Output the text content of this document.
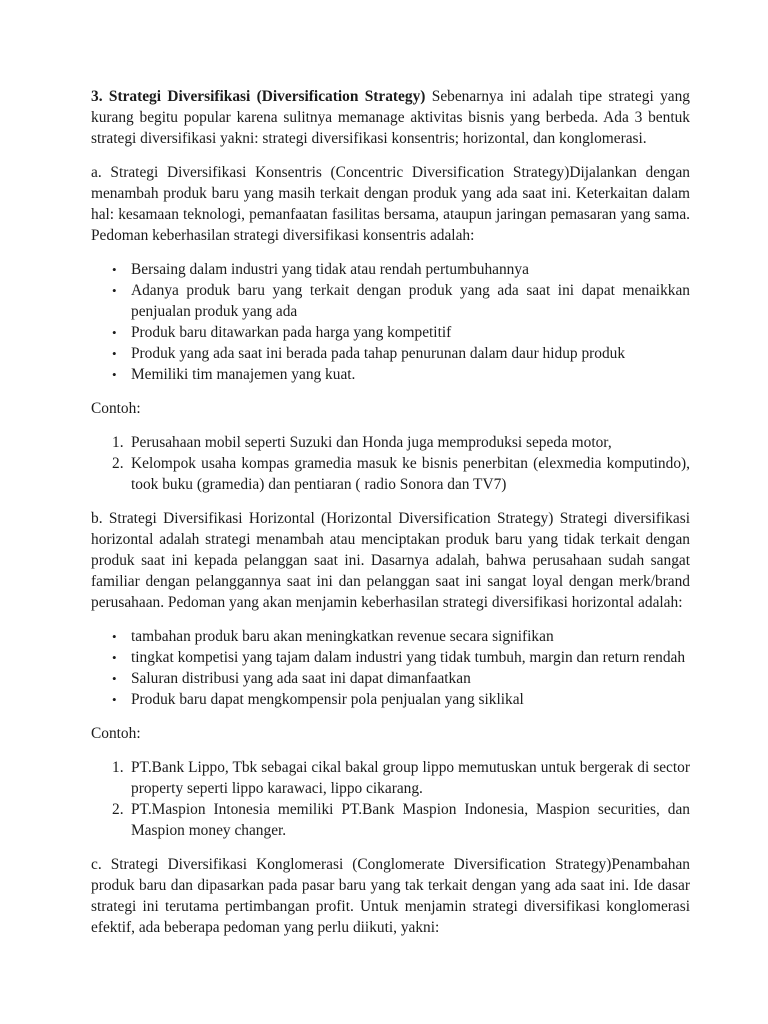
3. Strategi Diversifikasi (Diversification Strategy) Sebenarnya ini adalah tipe strategi yang kurang begitu popular karena sulitnya memanage aktivitas bisnis yang berbeda. Ada 3 bentuk strategi diversifikasi yakni: strategi diversifikasi konsentris; horizontal, dan konglomerasi.

a. Strategi Diversifikasi Konsentris (Concentric Diversification Strategy)Dijalankan dengan menambah produk baru yang masih terkait dengan produk yang ada saat ini. Keterkaitan dalam hal: kesamaan teknologi, pemanfaatan fasilitas bersama, ataupun jaringan pemasaran yang sama. Pedoman keberhasilan strategi diversifikasi konsentris adalah:

• Bersaing dalam industri yang tidak atau rendah pertumbuhannya
• Adanya produk baru yang terkait dengan produk yang ada saat ini dapat menaikkan penjualan produk yang ada
• Produk baru ditawarkan pada harga yang kompetitif
• Produk yang ada saat ini berada pada tahap penurunan dalam daur hidup produk
• Memiliki tim manajemen yang kuat.

Contoh:

1. Perusahaan mobil seperti Suzuki dan Honda juga memproduksi sepeda motor,
2. Kelompok usaha kompas gramedia masuk ke bisnis penerbitan (elexmedia komputindo), took buku (gramedia) dan pentiaran ( radio Sonora dan TV7)

b. Strategi Diversifikasi Horizontal (Horizontal Diversification Strategy) Strategi diversifikasi horizontal adalah strategi menambah atau menciptakan produk baru yang tidak terkait dengan produk saat ini kepada pelanggan saat ini. Dasarnya adalah, bahwa perusahaan sudah sangat familiar dengan pelanggannya saat ini dan pelanggan saat ini sangat loyal dengan merk/brand perusahaan. Pedoman yang akan menjamin keberhasilan strategi diversifikasi horizontal adalah:

• tambahan produk baru akan meningkatkan revenue secara signifikan
• tingkat kompetisi yang tajam dalam industri yang tidak tumbuh, margin dan return rendah
• Saluran distribusi yang ada saat ini dapat dimanfaatkan
• Produk baru dapat mengkompensir pola penjualan yang siklikal

Contoh:

1. PT.Bank Lippo, Tbk sebagai cikal bakal group lippo memutuskan untuk bergerak di sector property seperti lippo karawaci, lippo cikarang.
2. PT.Maspion Intonesia memiliki PT.Bank Maspion Indonesia, Maspion securities, dan Maspion money changer.

c. Strategi Diversifikasi Konglomerasi (Conglomerate Diversification Strategy)Penambahan produk baru dan dipasarkan pada pasar baru yang tak terkait dengan yang ada saat ini. Ide dasar strategi ini terutama pertimbangan profit. Untuk menjamin strategi diversifikasi konglomerasi efektif, ada beberapa pedoman yang perlu diikuti, yakni:
